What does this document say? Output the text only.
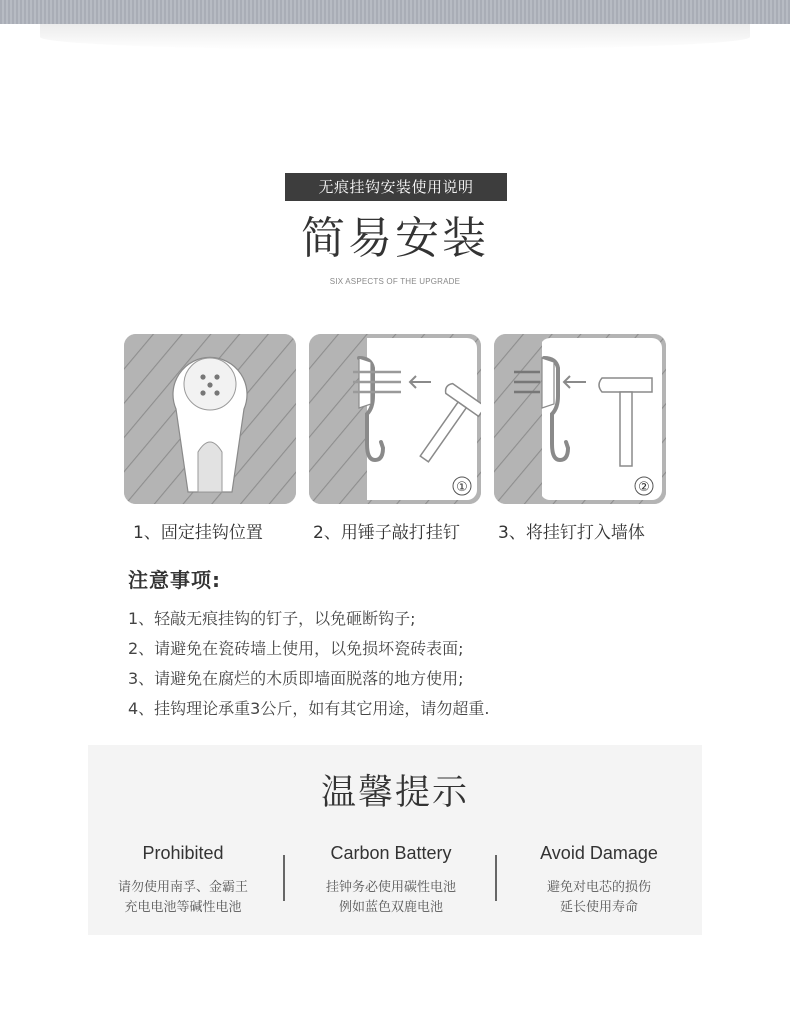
无痕挂钩安装使用说明
简易安装
SIX ASPECTS OF THE UPGRADE
①	②
1、固定挂钩位置	2、用锤子敲打挂钉 3、将挂钉打入墙体
注意事项:
1、轻敲无痕挂钩的钉子，以免砸断钩子;
2、请避免在瓷砖墙上使用，以免损坏瓷砖表面;
3、请避免在腐烂的木质即墙面脱落的地方使用;
4、挂钩理论承重3公斤，如有其它用途，请勿超重.
温馨提示
Prohibited
请勿使用南孚、金霸王
充电电池等碱性电池
Carbon Battery
挂钟务必使用碳性电池
例如蓝色双鹿电池
Avoid Damage
避免对电芯的损伤
延长使用寿命
